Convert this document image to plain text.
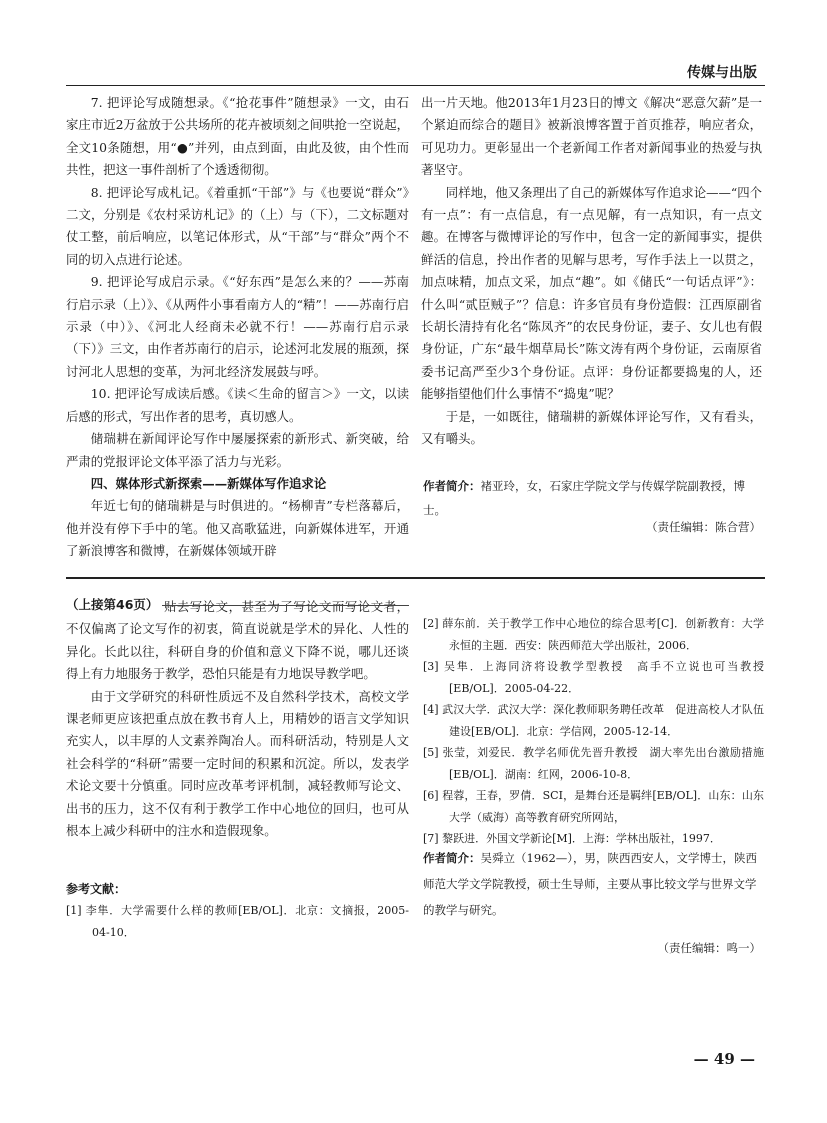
传媒与出版

7. 把评论写成随想录。《“抢花事件”随想录》一文，由石家庄市近2万盆放于公共场所的花卉被顷刻之间哄抢一空说起，全文10条随想，用“●”并列，由点到面，由此及彼，由个性而共性，把这一事件剖析了个透透彻彻。

8. 把评论写成札记。《着重抓“干部”》与《也要说“群众”》二文，分别是《农村采访札记》的（上）与（下），二文标题对仗工整，前后响应，以笔记体形式，从“干部”与“群众”两个不同的切入点进行论述。

9. 把评论写成启示录。《“好东西”是怎么来的？——苏南行启示录（上）》、《从两件小事看南方人的“精”！——苏南行启示录（中）》、《河北人经商未必就不行！——苏南行启示录（下）》三文，由作者苏南行的启示，论述河北发展的瓶颈，探讨河北人思想的变革，为河北经济发展鼓与呼。

10. 把评论写成读后感。《读＜生命的留言＞》一文，以读后感的形式，写出作者的思考，真切感人。

储瑞耕在新闻评论写作中屡屡探索的新形式、新突破，给严肃的党报评论文体平添了活力与光彩。

四、媒体形式新探索——新媒体写作追求论

年近七旬的储瑞耕是与时俱进的。“杨柳青”专栏落幕后，他并没有停下手中的笔。他又高歌猛进，向新媒体进军，开通了新浪博客和微博，在新媒体领域开辟

出一片天地。他2013年1月23日的博文《解决“恶意欠薪”是一个紧迫而综合的题目》被新浪博客置于首页推荐，响应者众，可见功力。更彰显出一个老新闻工作者对新闻事业的热爱与执著坚守。

同样地，他又条理出了自己的新媒体写作追求论——“四个有一点”：有一点信息，有一点见解，有一点知识，有一点文趣。在博客与微博评论的写作中，包含一定的新闻事实，提供鲜活的信息，拎出作者的见解与思考，写作手法上一以贯之，加点味精，加点文采，加点“趣”。如《储氏“一句话点评”》：什么叫“贰臣贼子”？信息：许多官员有身份造假：江西原副省长胡长清持有化名“陈凤齐”的农民身份证，妻子、女儿也有假身份证，广东“最牛烟草局长”陈文涛有两个身份证，云南原省委书记高严至少3个身份证。点评：身份证都要捣鬼的人，还能够指望他们什么事情不“捣鬼”呢？

于是，一如既往，储瑞耕的新媒体评论写作，又有看头，又有嚼头。

作者简介：褚亚玲，女，石家庄学院文学与传媒学院副教授，博士。
（责任编辑：陈合营）

贴去写论文，甚至为了写论文而写论文者，不仅偏离了论文写作的初衷，简直说就是学术的异化、人性的异化。长此以往，科研自身的价值和意义下降不说，哪儿还谈得上有力地服务于教学，恐怕只能是有力地误导教学吧。

由于文学研究的科研性质远不及自然科学技术，高校文学课老师更应该把重点放在教书育人上，用精妙的语言文学知识充实人，以丰厚的人文素养陶冶人。而科研活动，特别是人文社会科学的“科研”需要一定时间的积累和沉淀。所以，发表学术论文要十分慎重。同时应改革考评机制，减轻教师写论文、出书的压力，这不仅有利于教学工作中心地位的回归，也可从根本上减少科研中的注水和造假现象。

（上接第46页）
参考文献：
[1] 李隼．大学需要什么样的教师[EB/OL]．北京：文摘报，2005-04-10．
[2] 薛东前．关于教学工作中心地位的综合思考[C]．创新教育：大学永恒的主题．西安：陕西师范大学出版社，2006．
[3] 吴隼．上海同济将设教学型教授　高手不立说也可当教授[EB/OL]．2005-04-22．
[4] 武汉大学．武汉大学：深化教师职务聘任改革　促进高校人才队伍建设[EB/OL]．北京：学信网，2005-12-14．
[5] 张莹，刘爱民．教学名师优先晋升教授　湖大率先出台激励措施[EB/OL]．湖南：红网，2006-10-8．
[6] 程蓉，王春，罗倩．SCI，是舞台还是羁绊[EB/OL]．山东：山东大学（威海）高等教育研究所网站，
[7] 黎跃进．外国文学新论[M]．上海：学林出版社，1997．
作者简介：吴舜立（1962—），男，陕西西安人，文学博士，陕西师范大学文学院教授，硕士生导师，主要从事比较文学与世界文学的教学与研究。
（责任编辑：鸣一）
— 49 —
